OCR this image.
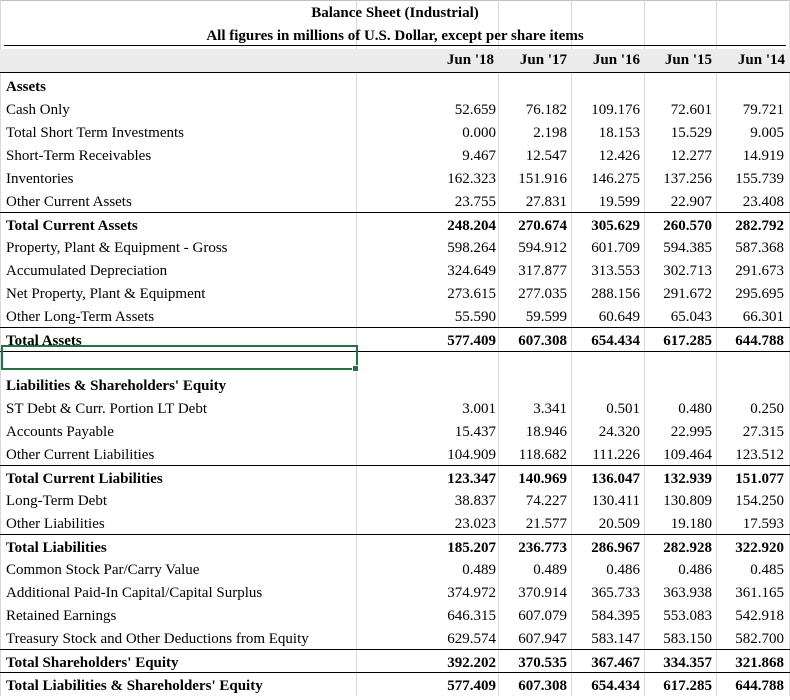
Balance Sheet (Industrial)
All figures in millions of U.S. Dollar, except per share items
Jun '18	Jun '17	Jun '16	Jun '15	Jun '14
Assets
Cash Only	52.659	76.182	109.176	72.601	79.721
Total Short Term Investments	0.000	2.198	18.153	15.529	9.005
Short-Term Receivables	9.467	12.547	12.426	12.277	14.919
Inventories	162.323	151.916	146.275	137.256	155.739
Other Current Assets	23.755	27.831	19.599	22.907	23.408
Total Current Assets	248.204	270.674	305.629	260.570	282.792
Property, Plant & Equipment - Gross	598.264	594.912	601.709	594.385	587.368
Accumulated Depreciation	324.649	317.877	313.553	302.713	291.673
Net Property, Plant & Equipment	273.615	277.035	288.156	291.672	295.695
Other Long-Term Assets	55.590	59.599	60.649	65.043	66.301
Total Assets	577.409	607.308	654.434	617.285	644.788
Liabilities & Shareholders' Equity
ST Debt & Curr. Portion LT Debt	3.001	3.341	0.501	0.480	0.250
Accounts Payable	15.437	18.946	24.320	22.995	27.315
Other Current Liabilities	104.909	118.682	111.226	109.464	123.512
Total Current Liabilities	123.347	140.969	136.047	132.939	151.077
Long-Term Debt	38.837	74.227	130.411	130.809	154.250
Other Liabilities	23.023	21.577	20.509	19.180	17.593
Total Liabilities	185.207	236.773	286.967	282.928	322.920
Common Stock Par/Carry Value	0.489	0.489	0.486	0.486	0.485
Additional Paid-In Capital/Capital Surplus	374.972	370.914	365.733	363.938	361.165
Retained Earnings	646.315	607.079	584.395	553.083	542.918
Treasury Stock and Other Deductions from Equity	629.574	607.947	583.147	583.150	582.700
Total Shareholders' Equity	392.202	370.535	367.467	334.357	321.868
Total Liabilities & Shareholders' Equity	577.409	607.308	654.434	617.285	644.788
